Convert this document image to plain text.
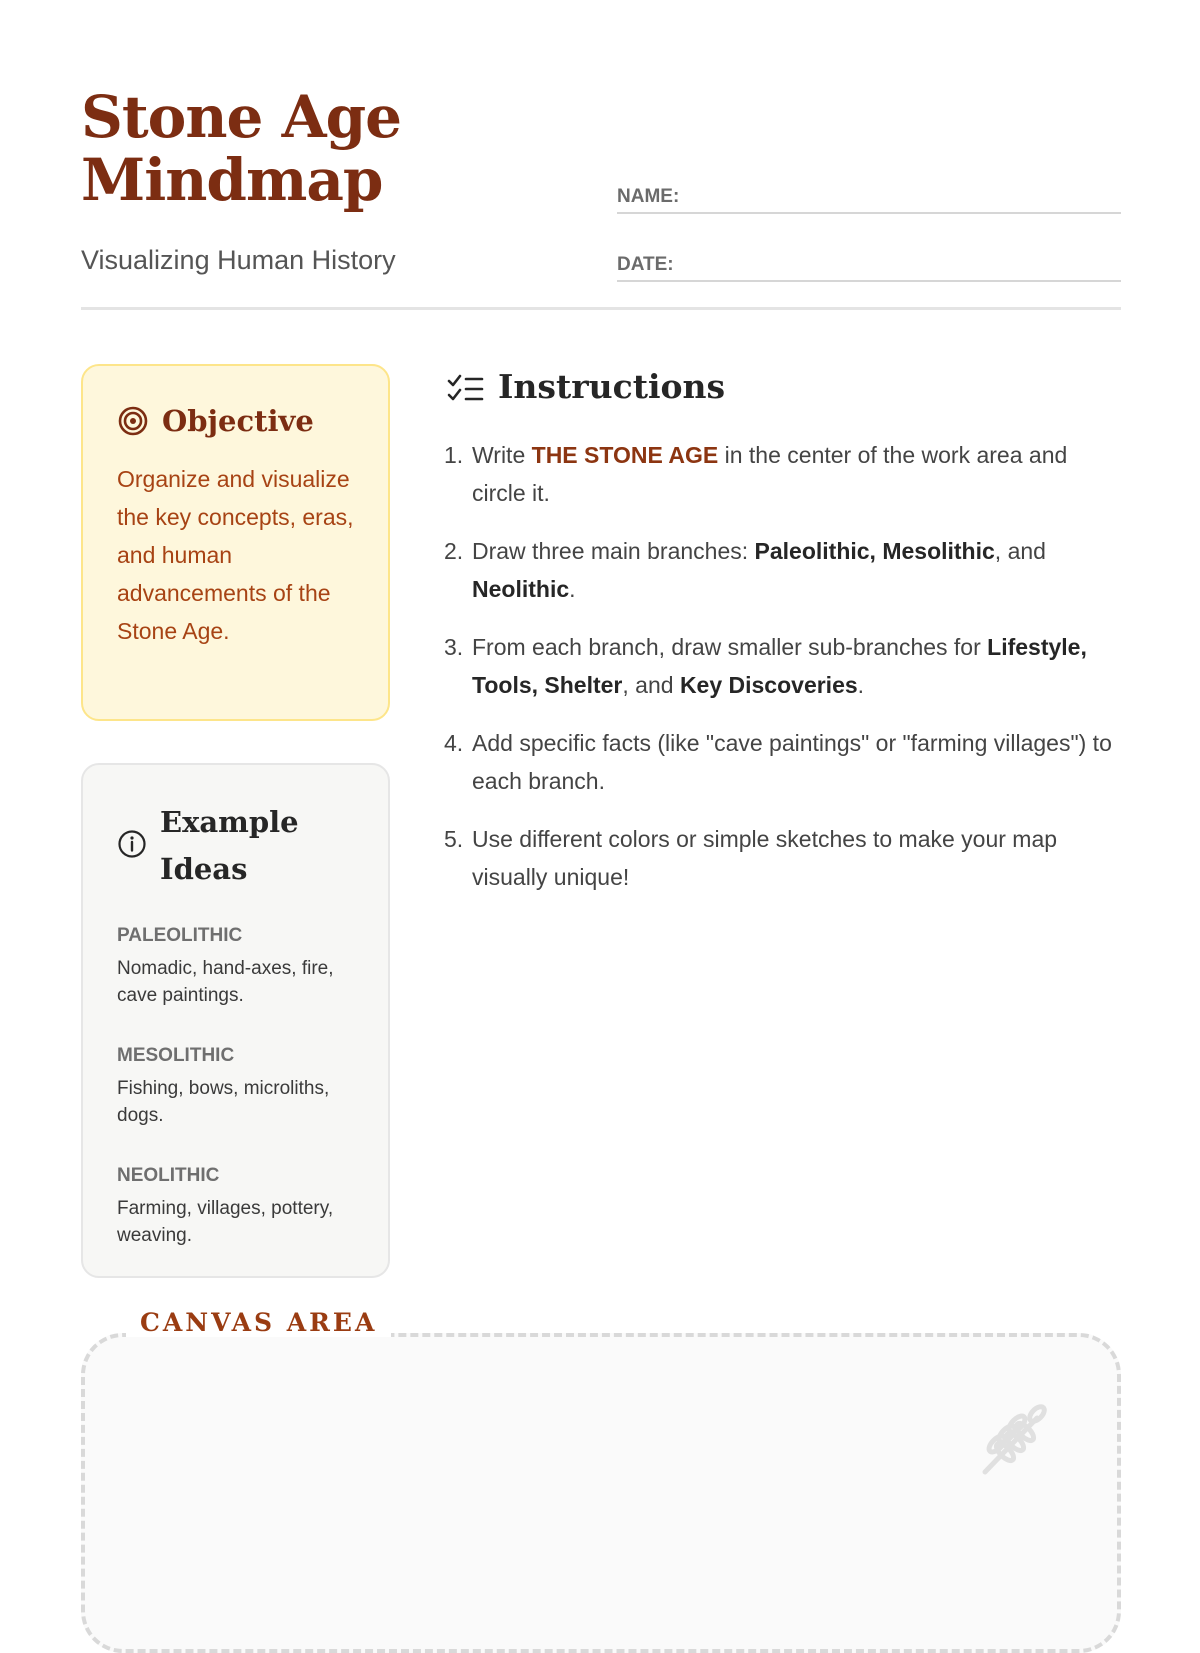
Stone Age
Mindmap

Visualizing Human History

NAME:
DATE:
Objective

Organize and visualize the key concepts, eras, and human advancements of the Stone Age.

Example Ideas

PALEOLITHIC

Nomadic, hand-axes, fire, cave paintings.

MESOLITHIC

Fishing, bows, microliths, dogs.

NEOLITHIC

Farming, villages, pottery, weaving.

Instructions
1. Write THE STONE AGE in the center of the work area and circle it.
2. Draw three main branches: Paleolithic, Mesolithic, and Neolithic.
3. From each branch, draw smaller sub-branches for Lifestyle, Tools, Shelter, and Key Discoveries.
4. Add specific facts (like "cave paintings" or "farming villages") to each branch.
5. Use different colors or simple sketches to make your map visually unique!

CANVAS AREA
